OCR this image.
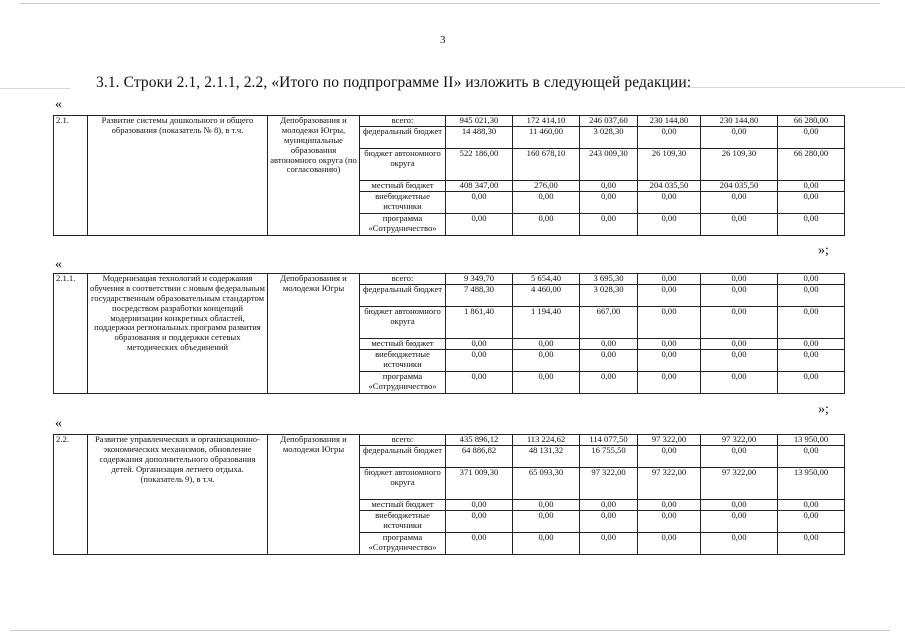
3
3.1. Строки 2.1, 2.1.1, 2.2, «Итого по подпрограмме II» изложить в следующей редакции:
«
2.1.	Развитие системы дошкольного и общего образования (показатель № 8), в т.ч.	Депобразования и молодежи Югры, муниципальные образования автономного округа (по согласованию)	всего:	945 021,30	172 414,10	246 037,60	230 144,80	230 144,80	66 280,00
			федеральный бюджет	14 488,30	11 460,00	3 028,30	0,00	0,00	0,00
			бюджет автономного округа	522 186,00	160 678,10	243 009,30	26 109,30	26 109,30	66 280,00
			местный бюджет	408 347,00	276,00	0,00	204 035,50	204 035,50	0,00
			внебюджетные источники	0,00	0,00	0,00	0,00	0,00	0,00
			программа «Сотрудничество»	0,00	0,00	0,00	0,00	0,00	0,00
»;
«
2.1.1.	Модернизация технологий и содержания обучения в соответствии с новым федеральным государственным образовательным стандартом посредством разработки концепций модернизации конкретных областей, поддержки региональных программ развития образования и поддержки сетевых методических объединений	Депобразования и молодежи Югры	всего:	9 349,70	5 654,40	3 695,30	0,00	0,00	0,00
			федеральный бюджет	7 488,30	4 460,00	3 028,30	0,00	0,00	0,00
			бюджет автономного округа	1 861,40	1 194,40	667,00	0,00	0,00	0,00
			местный бюджет	0,00	0,00	0,00	0,00	0,00	0,00
			внебюджетные источники	0,00	0,00	0,00	0,00	0,00	0,00
			программа «Сотрудничество»	0,00	0,00	0,00	0,00	0,00	0,00
»;
«
2.2.	Развитие управленческих и организационно-экономических механизмов, обновление содержания дополнительного образования детей. Организация летнего отдыха. (показатель 9), в т.ч.	Депобразования и молодежи Югры	всего:	435 896,12	113 224,62	114 077,50	97 322,00	97 322,00	13 950,00
			федеральный бюджет	64 886,82	48 131,32	16 755,50	0,00	0,00	0,00
			бюджет автономного округа	371 009,30	65 093,30	97 322,00	97 322,00	97 322,00	13 950,00
			местный бюджет	0,00	0,00	0,00	0,00	0,00	0,00
			внебюджетные источники	0,00	0,00	0,00	0,00	0,00	0,00
			программа «Сотрудничество»	0,00	0,00	0,00	0,00	0,00	0,00
